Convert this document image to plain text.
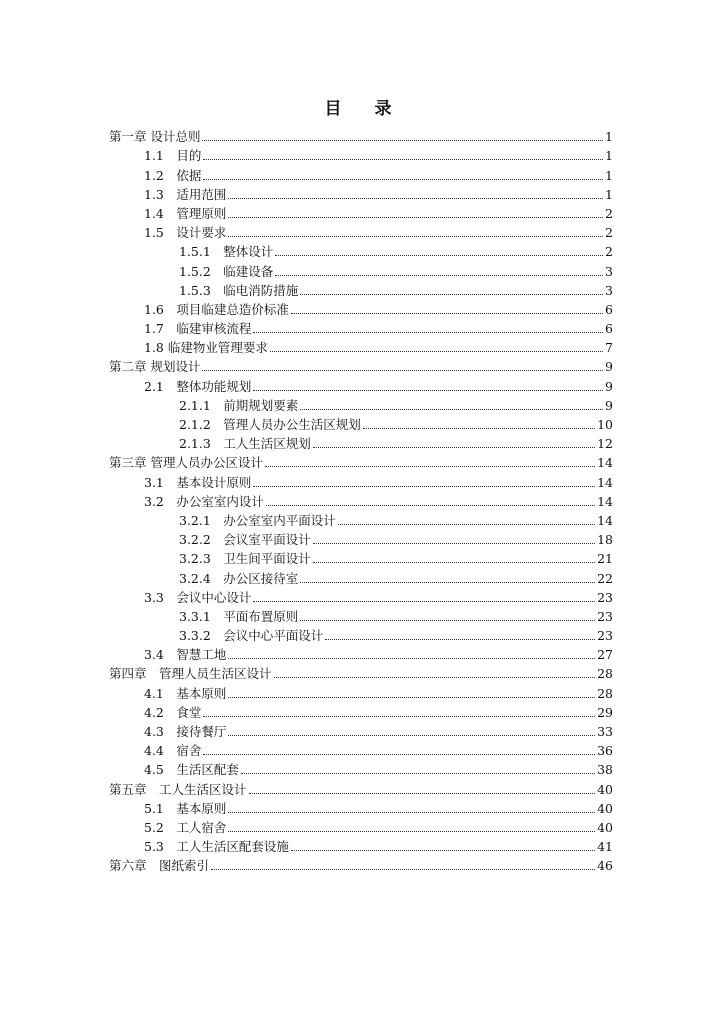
目　录
第一章 设计总则	1
1.1　目的	1
1.2　依据	1
1.3　适用范围	1
1.4　管理原则	2
1.5　设计要求	2
1.5.1　整体设计	2
1.5.2　临建设备	3
1.5.3　临电消防措施	3
1.6　项目临建总造价标准	6
1.7　临建审核流程	6
1.8 临建物业管理要求	7
第二章 规划设计	9
2.1　整体功能规划	9
2.1.1　前期规划要素	9
2.1.2　管理人员办公生活区规划	10
2.1.3　工人生活区规划	12
第三章 管理人员办公区设计	14
3.1　基本设计原则	14
3.2　办公室室内设计	14
3.2.1　办公室室内平面设计	14
3.2.2　会议室平面设计	18
3.2.3　卫生间平面设计	21
3.2.4　办公区接待室	22
3.3　会议中心设计	23
3.3.1　平面布置原则	23
3.3.2　会议中心平面设计	23
3.4　智慧工地	27
第四章　管理人员生活区设计	28
4.1　基本原则	28
4.2　食堂	29
4.3　接待餐厅	33
4.4　宿舍	36
4.5　生活区配套	38
第五章　工人生活区设计	40
5.1　基本原则	40
5.2　工人宿舍	40
5.3　工人生活区配套设施	41
第六章　图纸索引	46
